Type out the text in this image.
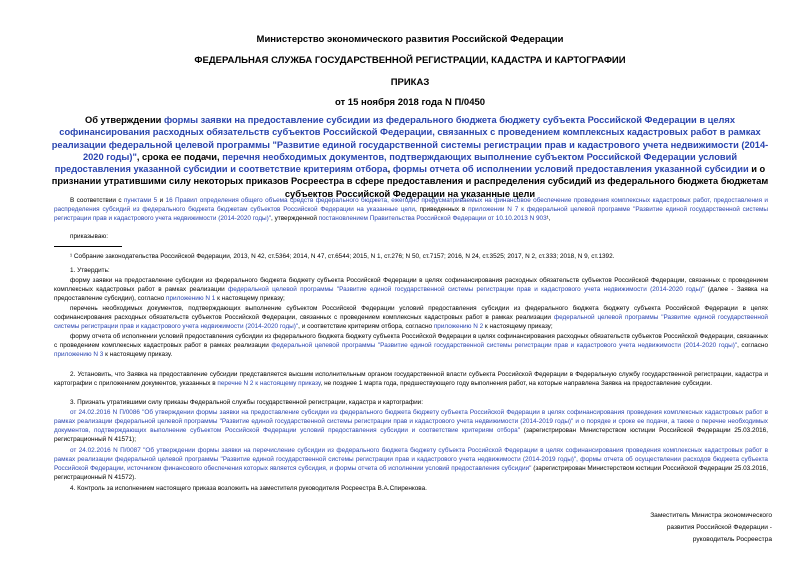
Министерство экономического развития Российской Федерации
ФЕДЕРАЛЬНАЯ СЛУЖБА ГОСУДАРСТВЕННОЙ РЕГИСТРАЦИИ, КАДАСТРА И КАРТОГРАФИИ
ПРИКАЗ
от 15 ноября 2018 года N П/0450
Об утверждении формы заявки на предоставление субсидии из федерального бюджета бюджету субъекта Российской Федерации в целях софинансирования расходных обязательств субъектов Российской Федерации, связанных с проведением комплексных кадастровых работ в рамках реализации федеральной целевой программы "Развитие единой государственной системы регистрации прав и кадастрового учета недвижимости (2014-2020 годы)", срока ее подачи, перечня необходимых документов, подтверждающих выполнение субъектом Российской Федерации условий предоставления указанной субсидии и соответствие критериям отбора, формы отчета об исполнении условий предоставления указанной субсидии и о признании утратившими силу некоторых приказов Росреестра в сфере предоставления и распределения субсидий из федерального бюджета бюджетам субъектов Российской Федерации на указанные цели
В соответствии с пунктами 5 и 16 Правил определения общего объема средств федерального бюджета, ежегодно предусматриваемых на финансовое обеспечение проведения комплексных кадастровых работ, предоставления и распределения субсидий из федерального бюджета бюджетам субъектов Российской Федерации на указанные цели, приведенных в приложении N 7 к федеральной целевой программе "Развитие единой государственной системы регистрации прав и кадастрового учета недвижимости (2014-2020 годы)", утвержденной постановлением Правительства Российской Федерации от 10.10.2013 N 903¹,
приказываю:
¹ Собрание законодательства Российской Федерации, 2013, N 42, ст.5364; 2014, N 47, ст.6544; 2015, N 1, ст.276; N 50, ст.7157; 2016, N 24, ст.3525; 2017, N 2, ст.333; 2018, N 9, ст.1392.
1. Утвердить:
форму заявки на предоставление субсидии из федерального бюджета бюджету субъекта Российской Федерации в целях софинансирования расходных обязательств субъектов Российской Федерации, связанных с проведением комплексных кадастровых работ в рамках реализации федеральной целевой программы "Развитие единой государственной системы регистрации прав и кадастрового учета недвижимости (2014-2020 годы)" (далее - Заявка на предоставление субсидии), согласно приложению N 1 к настоящему приказу;
перечень необходимых документов, подтверждающих выполнение субъектом Российской Федерации условий предоставления субсидии из федерального бюджета бюджету субъекта Российской Федерации в целях софинансирования расходных обязательств субъектов Российской Федерации, связанных с проведением комплексных кадастровых работ в рамках реализации федеральной целевой программы "Развитие единой государственной системы регистрации прав и кадастрового учета недвижимости (2014-2020 годы)", и соответствие критериям отбора, согласно приложению N 2 к настоящему приказу;
форму отчета об исполнении условий предоставления субсидии из федерального бюджета бюджету субъекта Российской Федерации в целях софинансирования расходных обязательств субъектов Российской Федерации, связанных с проведением комплексных кадастровых работ в рамках реализации федеральной целевой программы "Развитие единой государственной системы регистрации прав и кадастрового учета недвижимости (2014-2020 годы)", согласно приложению N 3 к настоящему приказу.
2. Установить, что Заявка на предоставление субсидии представляется высшим исполнительным органом государственной власти субъекта Российской Федерации в Федеральную службу государственной регистрации, кадастра и картографии с приложением документов, указанных в перечне N 2 к настоящему приказу, не позднее 1 марта года, предшествующего году выполнения работ, на которые направлена Заявка на предоставление субсидии.
3. Признать утратившими силу приказы Федеральной службы государственной регистрации, кадастра и картографии:
от 24.02.2016 N П/0086 "Об утверждении формы заявки на предоставление субсидии из федерального бюджета бюджету субъекта Российской Федерации в целях софинансирования проведения комплексных кадастровых работ в рамках реализации федеральной целевой программы "Развитие единой государственной системы регистрации прав и кадастрового учета недвижимости (2014-2019 годы)" и о порядке и сроке ее подачи, а также о перечне необходимых документов, подтверждающих выполнение субъектом Российской Федерации условий предоставления субсидии и соответствие критериям отбора" (зарегистрирован Министерством юстиции Российской Федерации 25.03.2016, регистрационный N 41571);
от 24.02.2016 N П/0087 "Об утверждении формы заявки на перечисление субсидии из федерального бюджета бюджету субъекта Российской Федерации в целях софинансирования проведения комплексных кадастровых работ в рамках реализации федеральной целевой программы "Развитие единой государственной системы регистрации прав и кадастрового учета недвижимости (2014-2019 годы)", формы отчета об осуществлении расходов бюджета субъекта Российской Федерации, источником финансового обеспечения которых является субсидия, и формы отчета об исполнении условий предоставления субсидии" (зарегистрирован Министерством юстиции Российской Федерации 25.03.2016, регистрационный N 41572).
4. Контроль за исполнением настоящего приказа возложить на заместителя руководителя Росреестра В.А.Спиренкова.
Заместитель Министра экономического
развития Российской Федерации -
руководитель Росреестра
